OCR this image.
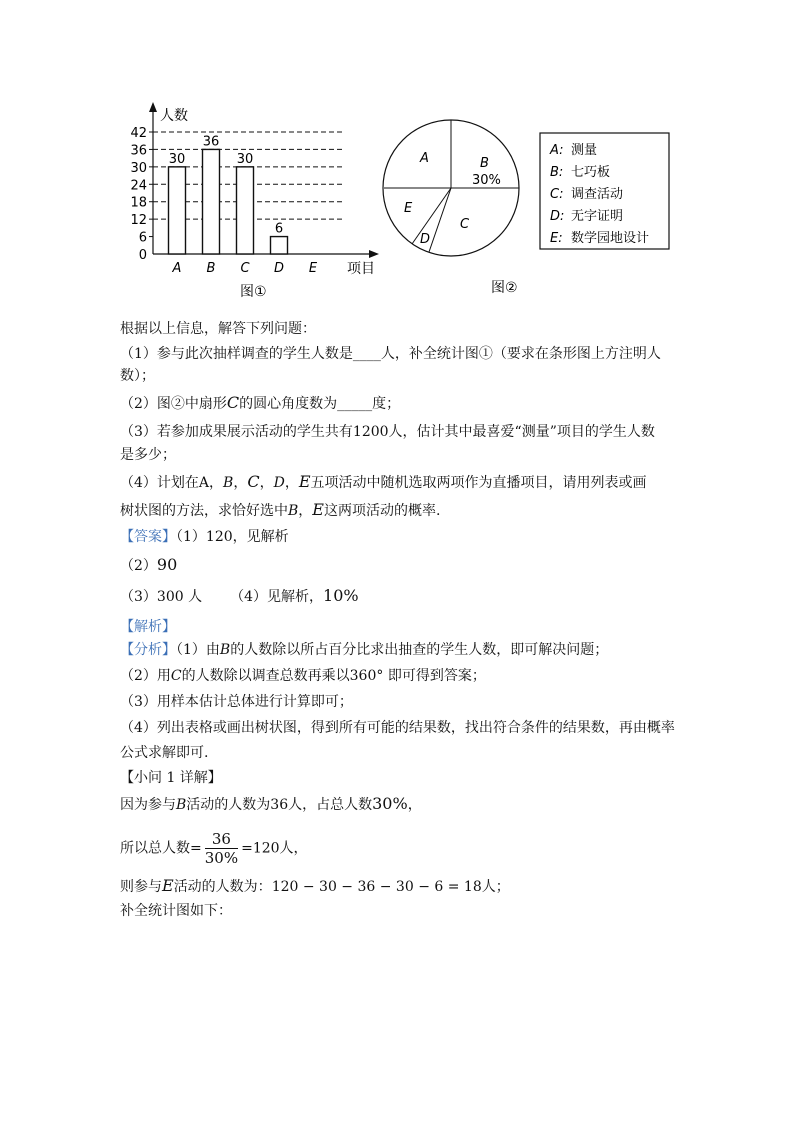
人数
项目
图①
42
36
30
24
18
12
6
0
A
30
B
36
C
30
D
6
E
A	B
30%
C
D
E
图②
A: 测量
B: 七巧板
C: 调查活动
D: 无字证明
E: 数学园地设计
根据以上信息，解答下列问题：
（1）参与此次抽样调查的学生人数是____人，补全统计图①（要求在条形图上方注明人
数）；
（2）图②中扇形C的圆心角度数为_____度；
（3）若参加成果展示活动的学生共有1200人，估计其中最喜爱“测量”项目的学生人数
是多少；
（4）计划在A，B，C，D，E五项活动中随机选取两项作为直播项目，请用列表或画
树状图的方法，求恰好选中B，E这两项活动的概率.
【答案】（1）120，见解析
（2）90
（3）300 人 （4）见解析，10%
【解析】
【分析】（1）由B的人数除以所占百分比求出抽查的学生人数，即可解决问题；
（2）用C的人数除以调查总数再乘以360° 即可得到答案；
（3）用样本估计总体进行计算即可；
（4）列出表格或画出树状图，得到所有可能的结果数，找出符合条件的结果数，再由概率
公式求解即可.
【小问 1 详解】
因为参与B活动的人数为36人，占总人数30%，
所以总人数= $\frac{36}{30\%} =120$人，
则参与E活动的人数为：120 − 30 − 36 − 30 − 6 = 18人；
补全统计图如下：
